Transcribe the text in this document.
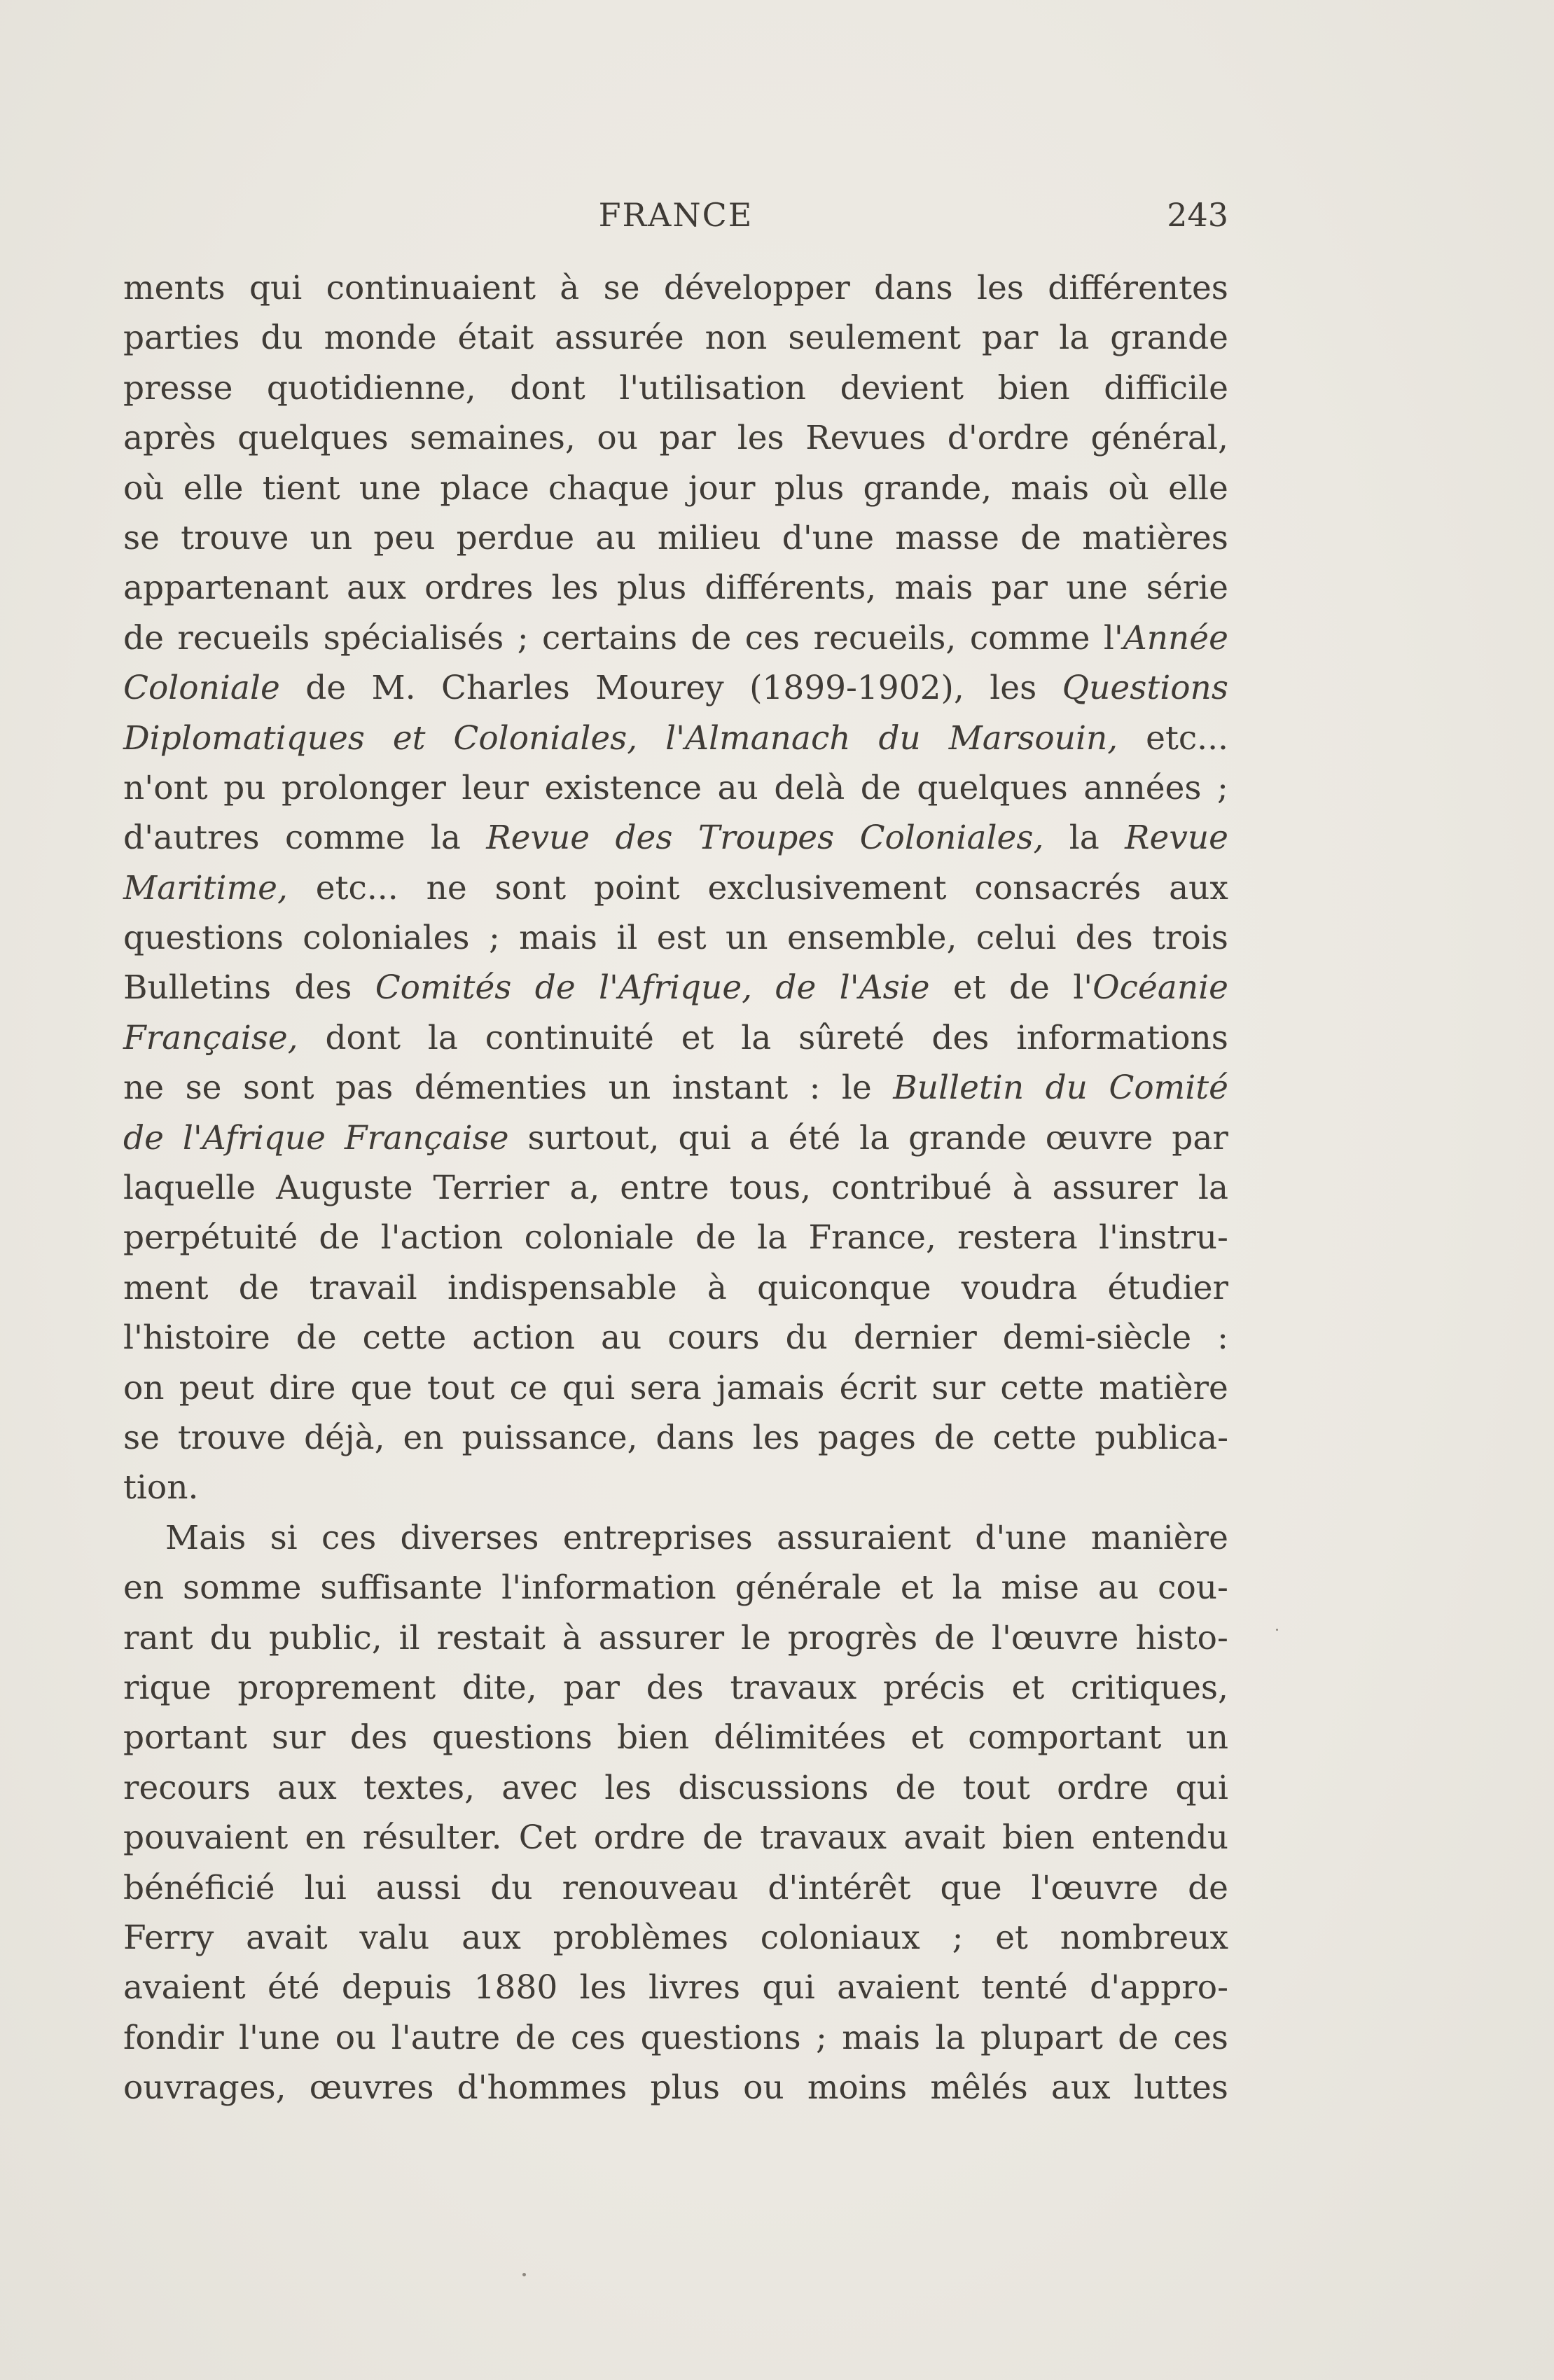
FRANCE	243
ments qui continuaient à se développer dans les différentes
parties du monde était assurée non seulement par la grande
presse quotidienne, dont l'utilisation devient bien difficile
après quelques semaines, ou par les Revues d'ordre général,
où elle tient une place chaque jour plus grande, mais où elle
se trouve un peu perdue au milieu d'une masse de matières
appartenant aux ordres les plus différents, mais par une série
de recueils spécialisés ; certains de ces recueils, comme l'Année
Coloniale de M. Charles Mourey (1899-1902), les Questions
Diplomatiques et Coloniales, l'Almanach du Marsouin, etc...
n'ont pu prolonger leur existence au delà de quelques années ;
d'autres comme la Revue des Troupes Coloniales, la Revue
Maritime, etc... ne sont point exclusivement consacrés aux
questions coloniales ; mais il est un ensemble, celui des trois
Bulletins des Comités de l'Afrique, de l'Asie et de l'Océanie
Française, dont la continuité et la sûreté des informations
ne se sont pas démenties un instant : le Bulletin du Comité
de l'Afrique Française surtout, qui a été la grande œuvre par
laquelle Auguste Terrier a, entre tous, contribué à assurer la
perpétuité de l'action coloniale de la France, restera l'instru-
ment de travail indispensable à quiconque voudra étudier
l'histoire de cette action au cours du dernier demi-siècle :
on peut dire que tout ce qui sera jamais écrit sur cette matière
se trouve déjà, en puissance, dans les pages de cette publica-
tion.

Mais si ces diverses entreprises assuraient d'une manière
en somme suffisante l'information générale et la mise au cou-
rant du public, il restait à assurer le progrès de l'œuvre histo-
rique proprement dite, par des travaux précis et critiques,
portant sur des questions bien délimitées et comportant un
recours aux textes, avec les discussions de tout ordre qui
pouvaient en résulter. Cet ordre de travaux avait bien entendu
bénéficié lui aussi du renouveau d'intérêt que l'œuvre de
Ferry avait valu aux problèmes coloniaux ; et nombreux
avaient été depuis 1880 les livres qui avaient tenté d'appro-
fondir l'une ou l'autre de ces questions ; mais la plupart de ces
ouvrages, œuvres d'hommes plus ou moins mêlés aux luttes
